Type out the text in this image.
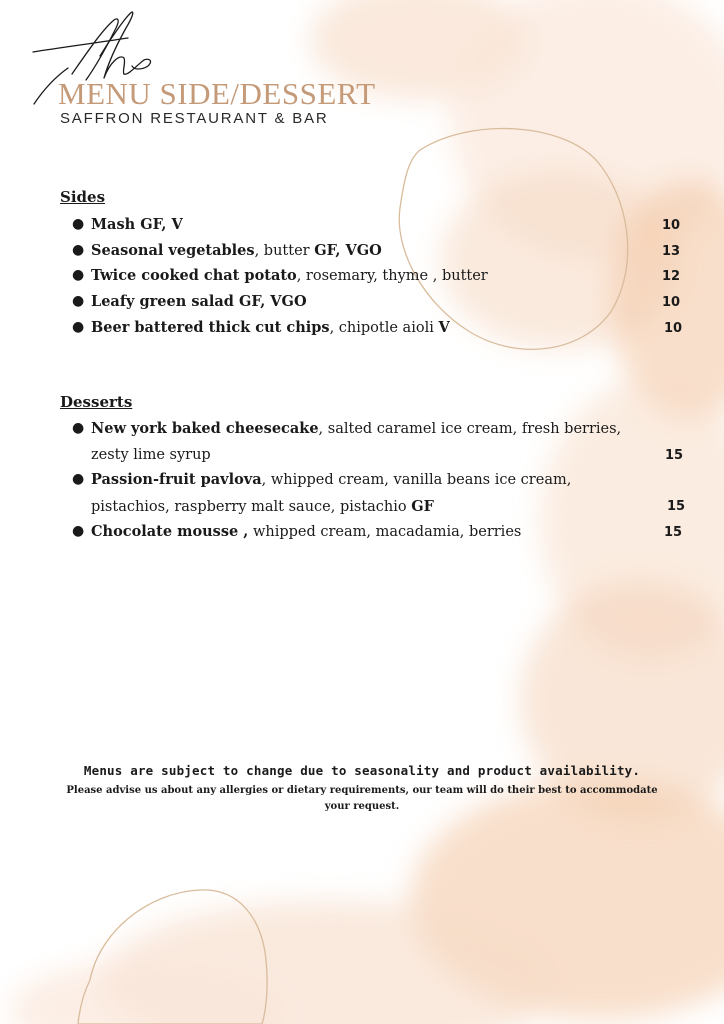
MENU SIDE/DESSERT

SAFFRON RESTAURANT & BAR

Sides
● Mash GF, V	10
● Seasonal vegetables, butter GF, VGO	13
● Twice cooked chat potato, rosemary, thyme , butter	12
● Leafy green salad GF, VGO	10
● Beer battered thick cut chips, chipotle aioli V	10
Desserts
● New york baked cheesecake, salted caramel ice cream, fresh berries,
zesty lime syrup	15
● Passion-fruit pavlova, whipped cream, vanilla beans ice cream,
pistachios, raspberry malt sauce, pistachio GF	15
● Chocolate mousse , whipped cream, macadamia, berries	15

Menus are subject to change due to seasonality and product availability.

Please advise us about any allergies or dietary requirements, our team will do their best to accommodate your request.
